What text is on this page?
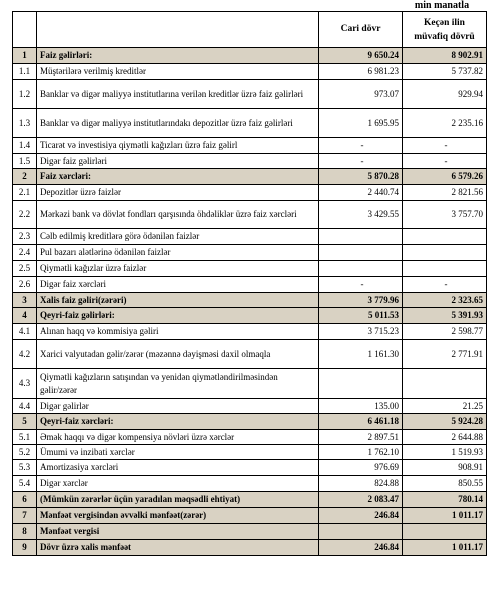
min manatla
		Cari dövr	Keçən ilin müvafiq dövrü
1	Faiz gəlirləri:	9 650.24	8 902.91
1.1	Müştərilərə verilmiş kreditlər	6 981.23	5 737.82
1.2	Banklar və digər maliyyə institutlarına verilən kreditlər üzrə faiz gəlirləri	973.07	929.94
1.3	Banklar və digər maliyyə institutlarındakı depozitlər üzrə faiz gəlirləri	1 695.95	2 235.16
1.4	Ticarət və investisiya qiymətli kağızları üzrə faiz gəlirl	-	-
1.5	Digər faiz gəlirləri	-	-
2	Faiz xərcləri:	5 870.28	6 579.26
2.1	Depozitlər üzrə faizlər	2 440.74	2 821.56
2.2	Mərkəzi bank və dövlət fondları qarşısında öhdəliklər üzrə faiz xərcləri	3 429.55	3 757.70
2.3	Cəlb edilmiş kreditlərə görə ödənilən faizlər		
2.4	Pul bazarı alətlərinə ödənilən faizlər		
2.5	Qiymətli kağızlar üzrə faizlər		
2.6	Digər faiz xərcləri	-	-
3	Xalis faiz gəliri(zərəri)	3 779.96	2 323.65
4	Qeyri-faiz gəlirləri:	5 011.53	5 391.93
4.1	Alınan haqq və kommisiya gəliri	3 715.23	2 598.77
4.2	Xarici valyutadan gəlir/zərər (məzənnə dəyişməsi daxil olmaqla	1 161.30	2 771.91
4.3	Qiymətli kağızların satışından və yenidən qiymətləndirilməsindən gəlir/zərər		
4.4	Digər gəlirlər	135.00	21.25
5	Qeyri-faiz xərcləri:	6 461.18	5 924.28
5.1	Əmək haqqı və digər kompensiya növləri üzrə xərclər	2 897.51	2 644.88
5.2	Ümumi və inzibati xərclər	1 762.10	1 519.93
5.3	Amortizasiya xərcləri	976.69	908.91
5.4	Digər xərclər	824.88	850.55
6	(Mümkün zərərlər üçün yaradılan məqsədli ehtiyat)	2 083.47	780.14
7	Mənfəət vergisindən əvvəlki mənfəət(zərər)	246.84	1 011.17
8	Mənfəət vergisi		
9	Dövr üzrə xalis mənfəət	246.84	1 011.17
